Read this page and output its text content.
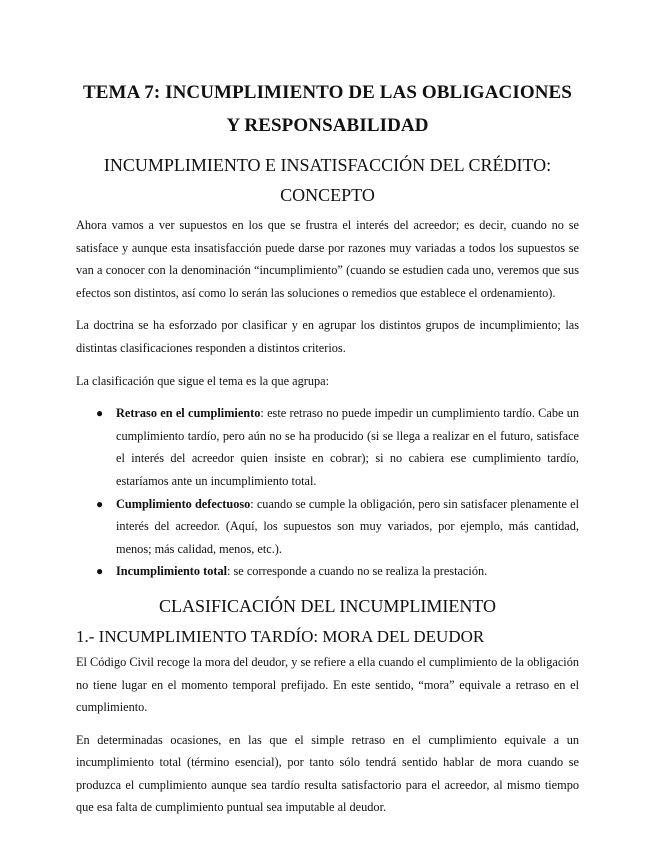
TEMA 7: INCUMPLIMIENTO DE LAS OBLIGACIONES
Y RESPONSABILIDAD
INCUMPLIMIENTO E INSATISFACCIÓN DEL CRÉDITO:
CONCEPTO

Ahora vamos a ver supuestos en los que se frustra el interés del acreedor; es decir, cuando no se satisface y aunque esta insatisfacción puede darse por razones muy variadas a todos los supuestos se van a conocer con la denominación “incumplimiento” (cuando se estudien cada uno, veremos que sus efectos son distintos, así como lo serán las soluciones o remedios que establece el ordenamiento).

La doctrina se ha esforzado por clasificar y en agrupar los distintos grupos de incumplimiento; las distintas clasificaciones responden a distintos criterios.

La clasificación que sigue el tema es la que agrupa:

● Retraso en el cumplimiento: este retraso no puede impedir un cumplimiento tardío. Cabe un cumplimiento tardío, pero aún no se ha producido (si se llega a realizar en el futuro, satisface el interés del acreedor quien insiste en cobrar); si no cabiera ese cumplimiento tardío, estaríamos ante un incumplimiento total.
● Cumplimiento defectuoso: cuando se cumple la obligación, pero sin satisfacer plenamente el interés del acreedor. (Aquí, los supuestos son muy variados, por ejemplo, más cantidad, menos; más calidad, menos, etc.).
● Incumplimiento total: se corresponde a cuando no se realiza la prestación.
CLASIFICACIÓN DEL INCUMPLIMIENTO
1.- INCUMPLIMIENTO TARDÍO: MORA DEL DEUDOR

El Código Civil recoge la mora del deudor, y se refiere a ella cuando el cumplimiento de la obligación no tiene lugar en el momento temporal prefijado. En este sentido, “mora” equivale a retraso en el cumplimiento.

En determinadas ocasiones, en las que el simple retraso en el cumplimiento equivale a un incumplimiento total (término esencial), por tanto sólo tendrá sentido hablar de mora cuando se produzca el cumplimiento aunque sea tardío resulta satisfactorio para el acreedor, al mismo tiempo que esa falta de cumplimiento puntual sea imputable al deudor.
